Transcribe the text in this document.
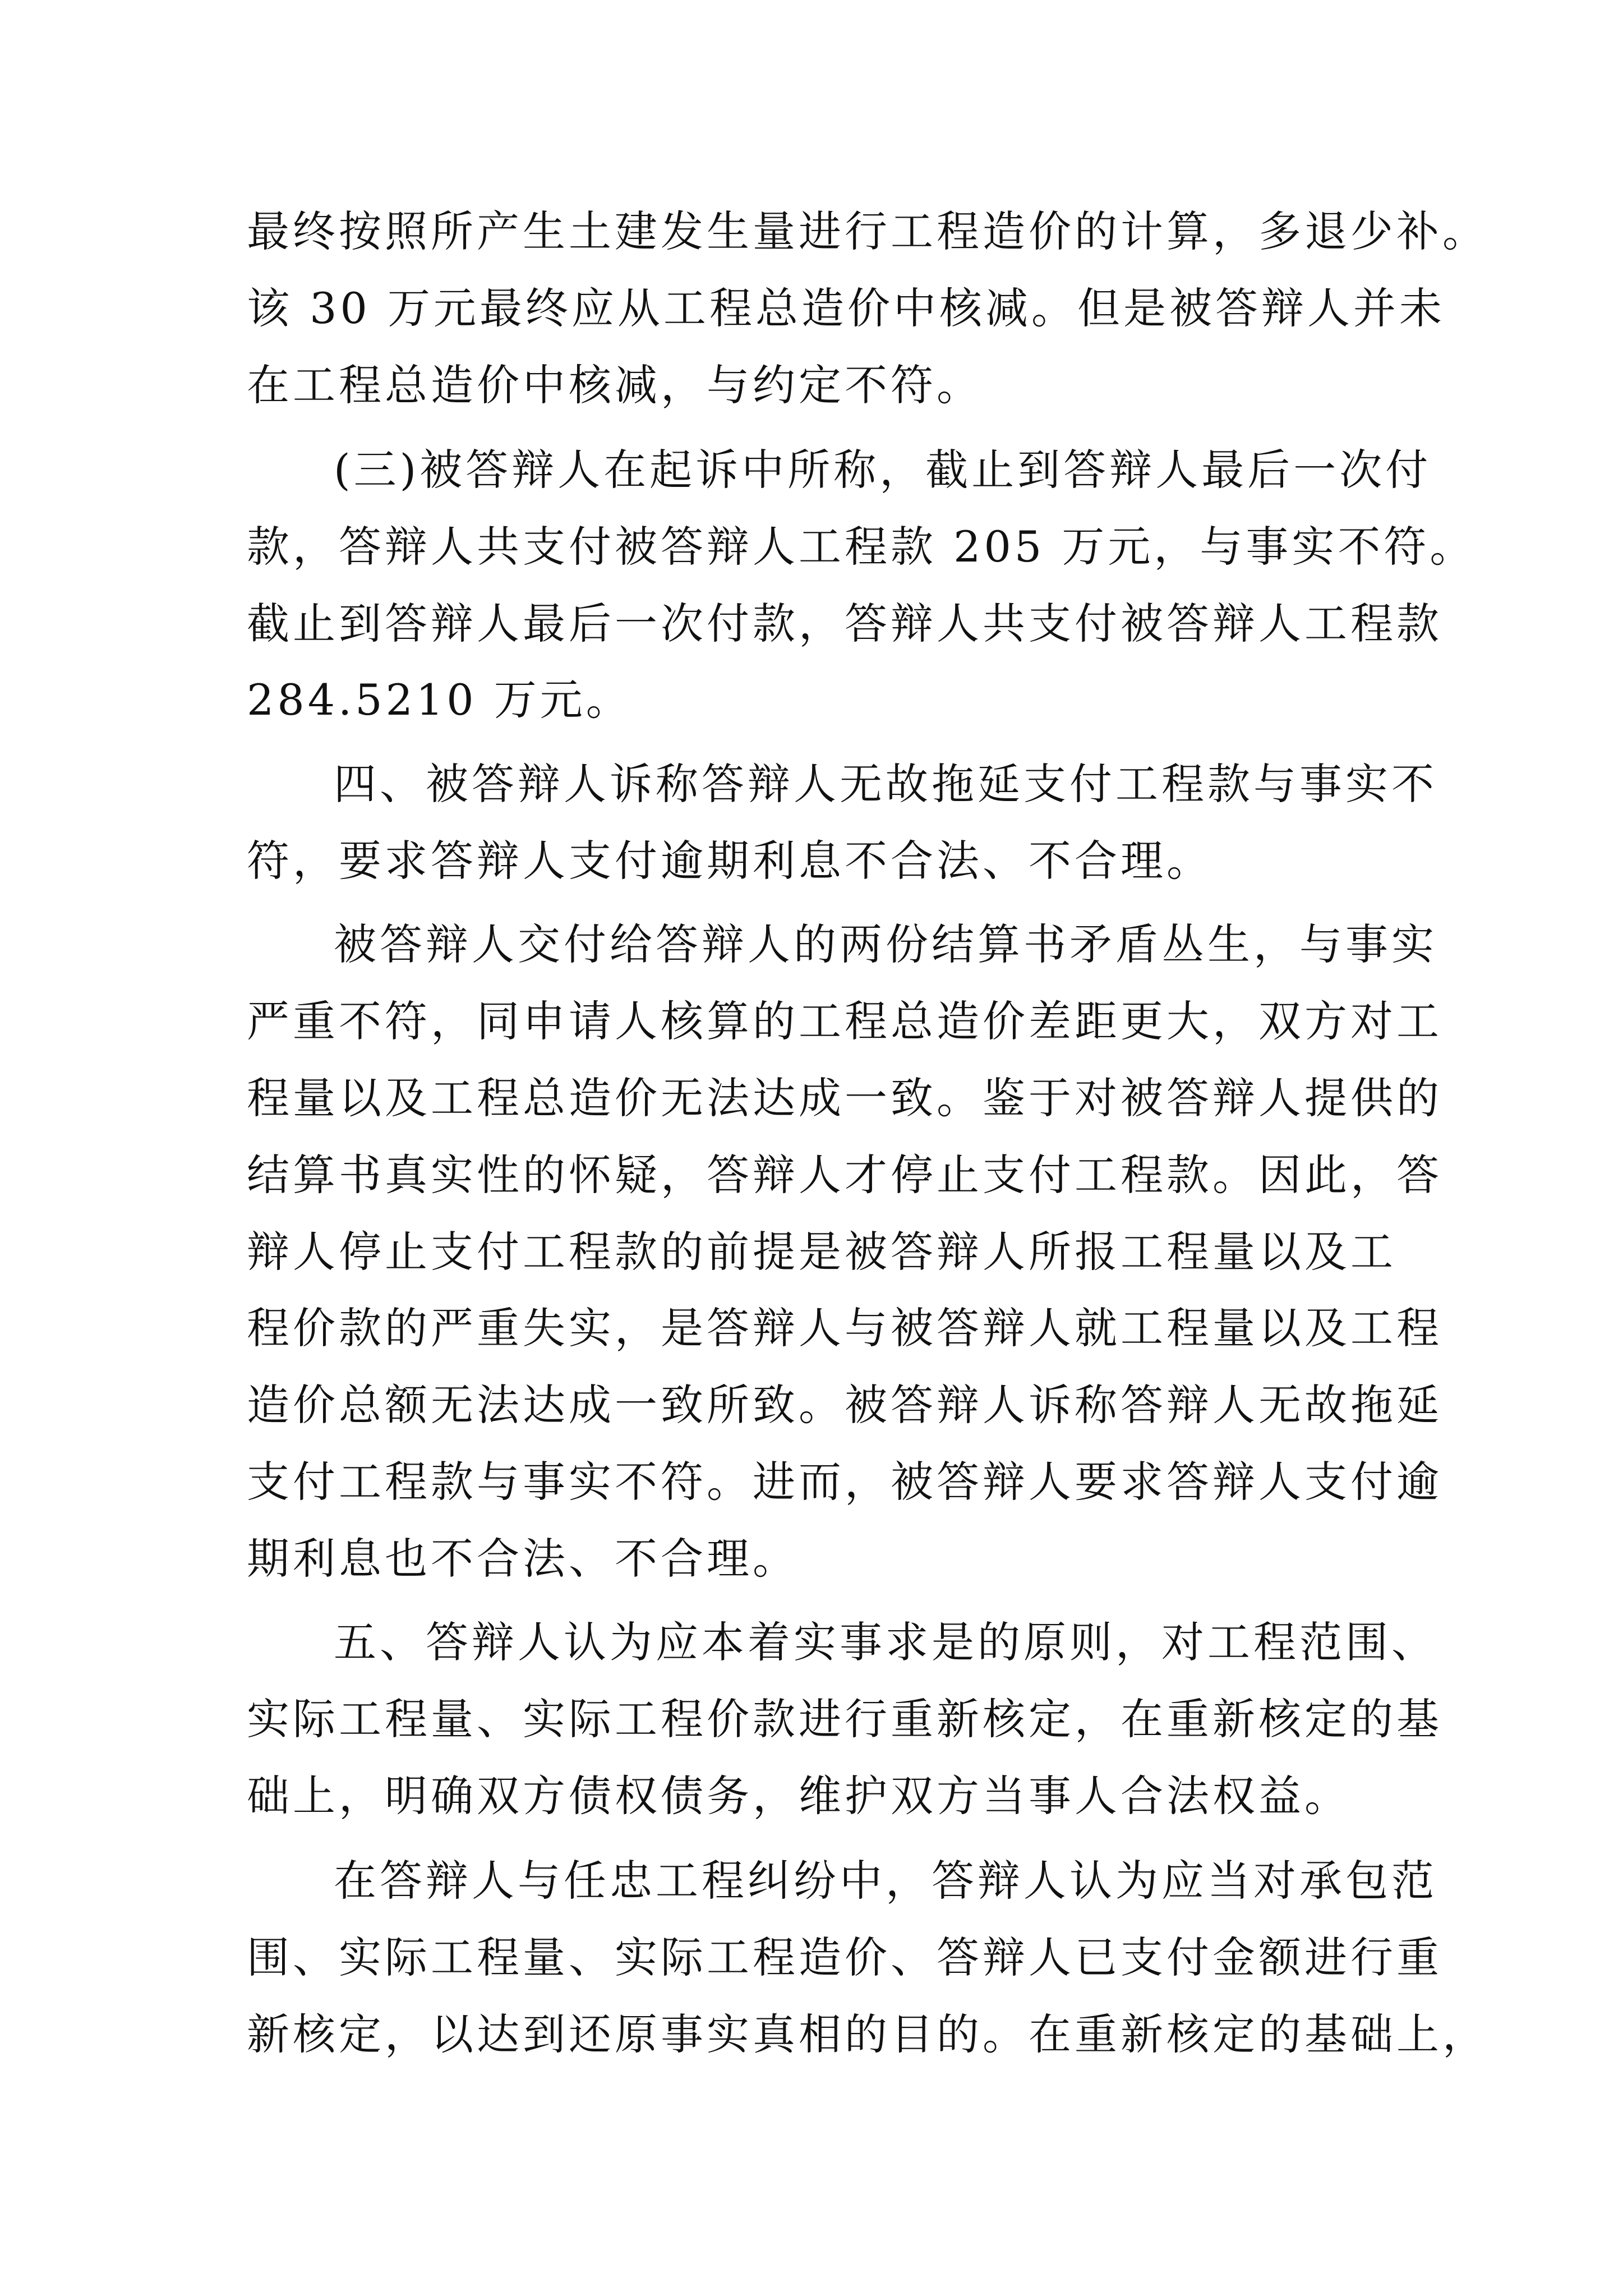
最终按照所产生土建发生量进行工程造价的计算，多退少补。
该 30 万元最终应从工程总造价中核减。但是被答辩人并未
在工程总造价中核减，与约定不符。
(三)被答辩人在起诉中所称，截止到答辩人最后一次付
款，答辩人共支付被答辩人工程款 205 万元，与事实不符。
截止到答辩人最后一次付款，答辩人共支付被答辩人工程款
284.5210 万元。
四、被答辩人诉称答辩人无故拖延支付工程款与事实不
符，要求答辩人支付逾期利息不合法、不合理。
被答辩人交付给答辩人的两份结算书矛盾丛生，与事实
严重不符，同申请人核算的工程总造价差距更大，双方对工
程量以及工程总造价无法达成一致。鉴于对被答辩人提供的
结算书真实性的怀疑，答辩人才停止支付工程款。因此，答
辩人停止支付工程款的前提是被答辩人所报工程量以及工
程价款的严重失实，是答辩人与被答辩人就工程量以及工程
造价总额无法达成一致所致。被答辩人诉称答辩人无故拖延
支付工程款与事实不符。进而，被答辩人要求答辩人支付逾
期利息也不合法、不合理。
五、答辩人认为应本着实事求是的原则，对工程范围、
实际工程量、实际工程价款进行重新核定，在重新核定的基
础上，明确双方债权债务，维护双方当事人合法权益。
在答辩人与任忠工程纠纷中，答辩人认为应当对承包范
围、实际工程量、实际工程造价、答辩人已支付金额进行重
新核定，以达到还原事实真相的目的。在重新核定的基础上，
